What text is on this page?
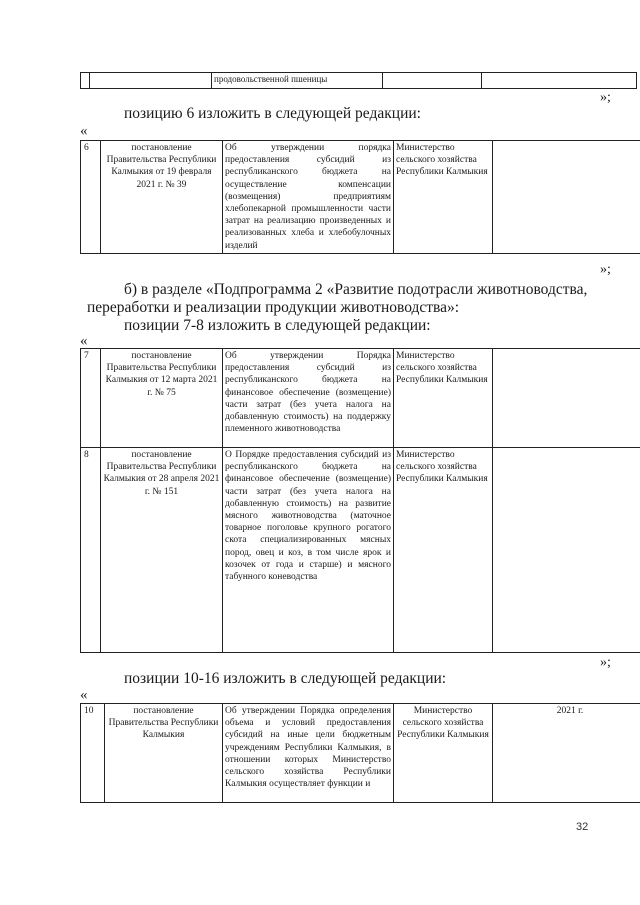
		продовольственной пшеницы		
»;
позицию 6 изложить в следующей редакции:
«
6	постановление Правительства Республики Калмыкия от 19 февраля 2021 г. № 39	Об утверждении порядка предоставления субсидий из республиканского бюджета на осуществление компенсации (возмещения) предприятиям хлебопекарной промышленности части затрат на реализацию произведенных и реализованных хлеба и хлебобулочных изделий	Министерство сельского хозяйства Республики Калмыкия	
»;
б) в разделе «Подпрограмма 2 «Развитие подотрасли животноводства,
переработки и реализации продукции животноводства»:
позиции 7-8 изложить в следующей редакции:
«
7	постановление Правительства Республики Калмыкия от 12 марта 2021 г. № 75	Об утверждении Порядка предоставления субсидий из республиканского бюджета на финансовое обеспечение (возмещение) части затрат (без учета налога на добавленную стоимость) на поддержку племенного животноводства	Министерство сельского хозяйства Республики Калмыкия	
8	постановление Правительства Республики Калмыкия от 28 апреля 2021 г. № 151	О Порядке предоставления субсидий из республиканского бюджета на финансовое обеспечение (возмещение) части затрат (без учета налога на добавленную стоимость) на развитие мясного животноводства (маточное товарное поголовье крупного рогатого скота специализированных мясных пород, овец и коз, в том числе ярок и козочек от года и старше) и мясного табунного коневодства	Министерство сельского хозяйства Республики Калмыкия	
»;
позиции 10-16 изложить в следующей редакции:
«
10	постановление Правительства Республики Калмыкия	Об утверждении Порядка определения объема и условий предоставления субсидий на иные цели бюджетным учреждениям Республики Калмыкия, в отношении которых Министерство сельского хозяйства Республики Калмыкия осуществляет функции и	Министерство сельского хозяйства Республики Калмыкия	2021 г.
32
